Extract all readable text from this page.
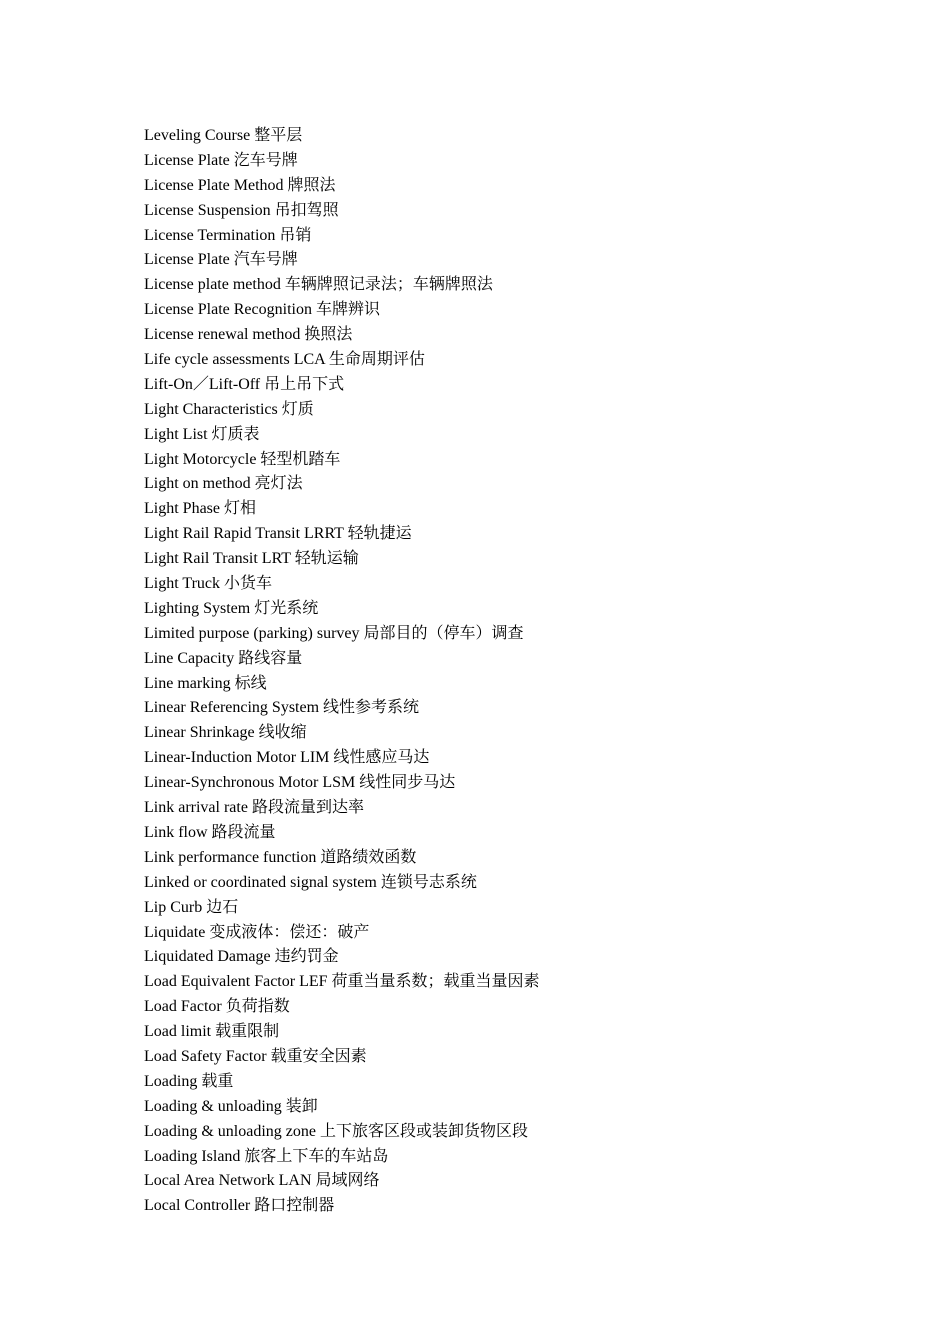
Leveling Course 整平层
License Plate 汔车号牌
License Plate Method 牌照法
License Suspension 吊扣驾照
License Termination 吊销
License Plate 汽车号牌
License plate method 车辆牌照记录法；车辆牌照法
License Plate Recognition 车牌辨识
License renewal method 换照法
Life cycle assessments LCA 生命周期评估
Lift-On／Lift-Off 吊上吊下式
Light Characteristics 灯质
Light List 灯质表
Light Motorcycle 轻型机踏车
Light on method 亮灯法
Light Phase 灯相
Light Rail Rapid Transit LRRT 轻轨捷运
Light Rail Transit LRT 轻轨运输
Light Truck 小货车
Lighting System 灯光系统
Limited purpose (parking) survey 局部目的（停车）调查
Line Capacity 路线容量
Line marking 标线
Linear Referencing System 线性参考系统
Linear Shrinkage 线收缩
Linear-Induction Motor LIM 线性感应马达
Linear-Synchronous Motor LSM 线性同步马达
Link arrival rate 路段流量到达率
Link flow 路段流量
Link performance function 道路绩效函数
Linked or coordinated signal system 连锁号志系统
Lip Curb 边石
Liquidate 变成液体：偿还：破产
Liquidated Damage 违约罚金
Load Equivalent Factor LEF 荷重当量系数；载重当量因素
Load Factor 负荷指数
Load limit 载重限制
Load Safety Factor 载重安全因素
Loading 载重
Loading & unloading 装卸
Loading & unloading zone 上下旅客区段或装卸货物区段
Loading Island 旅客上下车的车站岛
Local Area Network LAN 局域网络
Local Controller 路口控制器
